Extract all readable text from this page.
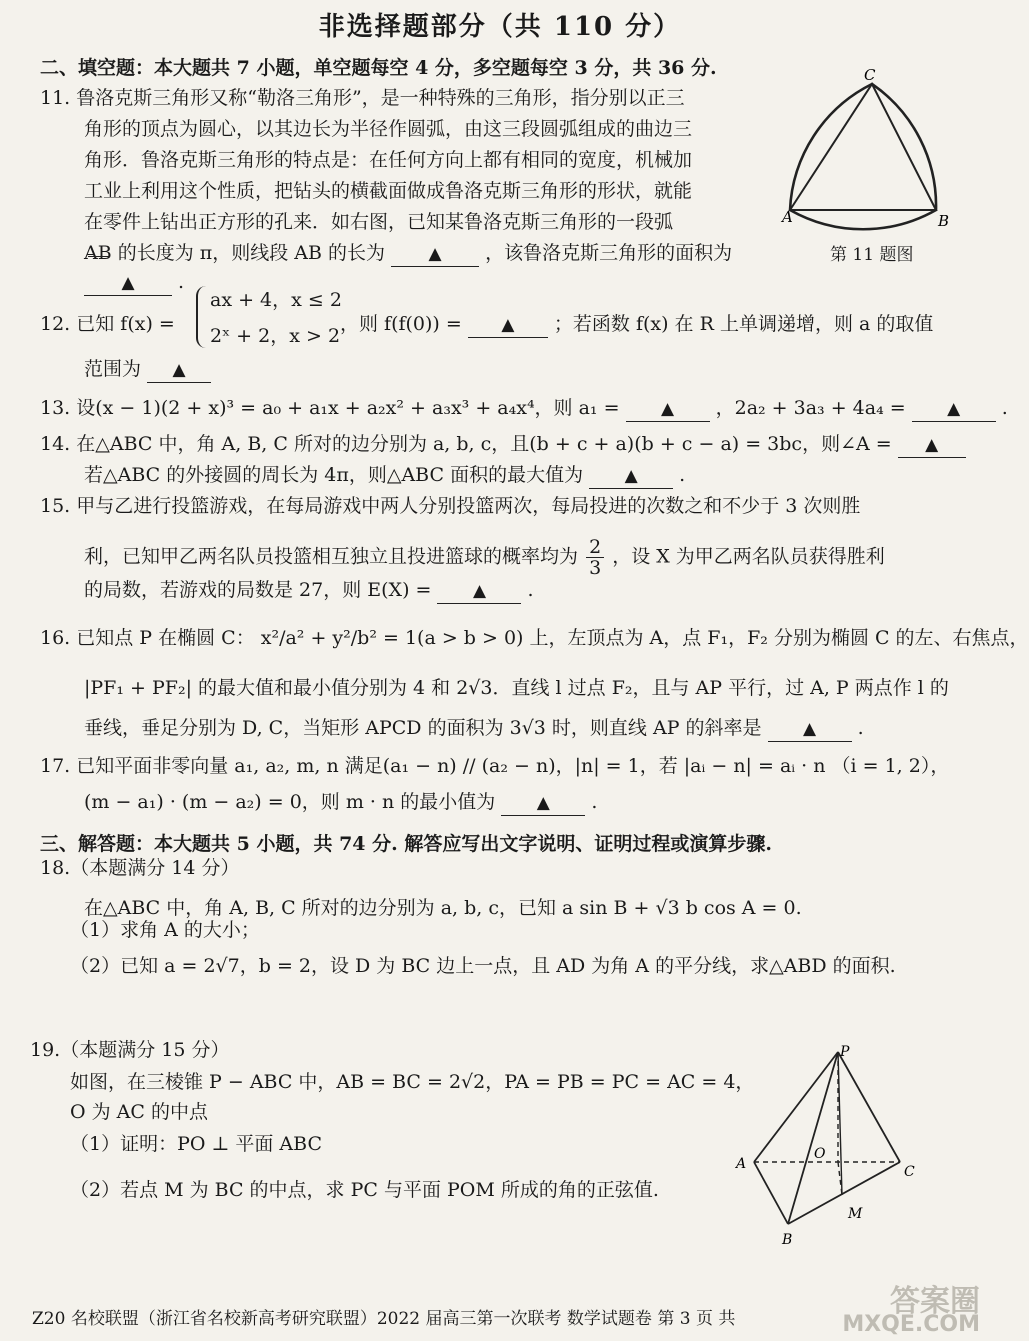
非选择题部分（共 110 分）
二、填空题：本大题共 7 小题，单空题每空 4 分，多空题每空 3 分，共 36 分.
11. 鲁洛克斯三角形又称“勒洛三角形”，是一种特殊的三角形，指分别以正三
角形的顶点为圆心，以其边长为半径作圆弧，由这三段圆弧组成的曲边三
角形．鲁洛克斯三角形的特点是：在任何方向上都有相同的宽度，机械加
工业上利用这个性质，把钻头的横截面做成鲁洛克斯三角形的形状，就能
在零件上钻出正方形的孔来．如右图，已知某鲁洛克斯三角形的一段弧
AB 的长度为 π，则线段 AB 的长为	▲ ，该鲁洛克斯三角形的面积为
▲ .
A	B
C
第 11 题图
12. 已知 f(x) =
ax + 4，x ≤ 2
2ˣ + 2，x > 2
，则 f(f(0)) = ▲ ；若函数 f(x) 在 R 上单调递增，则 a 的取值
范围为 ▲
13. 设(x − 1)(2 + x)³ = a₀ + a₁x + a₂x² + a₃x³ + a₄x⁴，则 a₁ = ▲ ，2a₂ + 3a₃ + 4a₄ = ▲ .
14. 在△ABC 中，角 A, B, C 所对的边分别为 a, b, c，且(b + c + a)(b + c − a) = 3bc，则∠A = ▲
若△ABC 的外接圆的周长为 4π，则△ABC 面积的最大值为 ▲ .
15. 甲与乙进行投篮游戏，在每局游戏中两人分别投篮两次，每局投进的次数之和不少于 3 次则胜
利，已知甲乙两名队员投篮相互独立且投进篮球的概率均为 $\frac{2}{3}$ ，设 X 为甲乙两名队员获得胜利
的局数，若游戏的局数是 27，则 E(X) = ▲ .
16. 已知点 P 在椭圆 C： x²/a² + y²/b² = 1(a > b > 0) 上，左顶点为 A，点 F₁，F₂ 分别为椭圆 C 的左、右焦点，
|PF₁ + PF₂| 的最大值和最小值分别为 4 和 2√3．直线 l 过点 F₂，且与 AP 平行，过 A, P 两点作 l 的
垂线，垂足分别为 D, C，当矩形 APCD 的面积为 3√3 时，则直线 AP 的斜率是 ▲ .
17. 已知平面非零向量 a₁, a₂, m, n 满足(a₁ − n) // (a₂ − n)，|n| = 1，若 |aᵢ − n| = aᵢ · n （i = 1, 2），
(m − a₁) · (m − a₂) = 0，则 m · n 的最小值为 ▲ .
三、解答题：本大题共 5 小题，共 74 分. 解答应写出文字说明、证明过程或演算步骤.
18.（本题满分 14 分）
在△ABC 中，角 A, B, C 所对的边分别为 a, b, c，已知 a sin B + √3 b cos A = 0.
（1）求角 A 的大小；
（2）已知 a = 2√7，b = 2，设 D 为 BC 边上一点，且 AD 为角 A 的平分线，求△ABD 的面积.
19.（本题满分 15 分）
如图，在三棱锥 P − ABC 中，AB = BC = 2√2，PA = PB = PC = AC = 4，
O 为 AC 的中点
（1）证明：PO ⊥ 平面 ABC
（2）若点 M 为 BC 的中点，求 PC 与平面 POM 所成的角的正弦值.
P
A
O
C
M
B
Z20 名校联盟（浙江省名校新高考研究联盟）2022 届高三第一次联考 数学试题卷 第 3 页 共	答案圈
MXQE.COM
